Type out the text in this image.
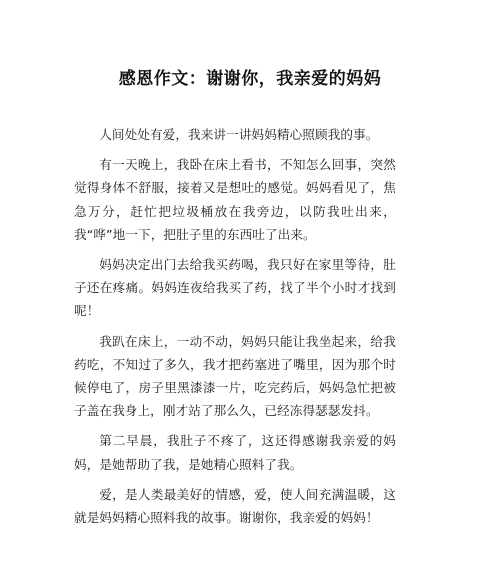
感恩作文：谢谢你，我亲爱的妈妈

人间处处有爱，我来讲一讲妈妈精心照顾我的事。

有一天晚上，我卧在床上看书，不知怎么回事，突然觉得身体不舒服，接着又是想吐的感觉。妈妈看见了，焦急万分，赶忙把垃圾桶放在我旁边，以防我吐出来，我“哗”地一下，把肚子里的东西吐了出来。

妈妈决定出门去给我买药喝，我只好在家里等待，肚子还在疼痛。妈妈连夜给我买了药，找了半个小时才找到呢！

我趴在床上，一动不动，妈妈只能让我坐起来，给我药吃，不知过了多久，我才把药塞进了嘴里，因为那个时候停电了，房子里黑漆漆一片，吃完药后，妈妈急忙把被子盖在我身上，刚才站了那么久，已经冻得瑟瑟发抖。

第二早晨，我肚子不疼了，这还得感谢我亲爱的妈妈，是她帮助了我，是她精心照料了我。

爱，是人类最美好的情感，爱，使人间充满温暖，这就是妈妈精心照料我的故事。谢谢你，我亲爱的妈妈！
